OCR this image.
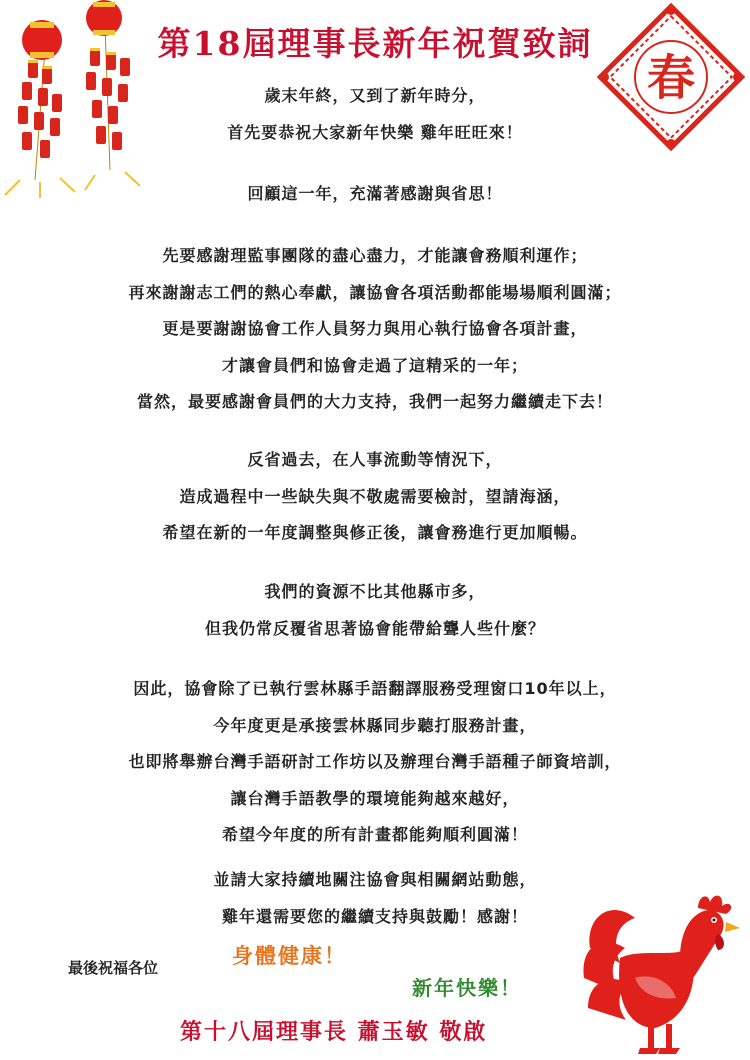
第18屆理事長新年祝賀致詞
春
歲末年終，又到了新年時分，
首先要恭祝大家新年快樂 雞年旺旺來！
回顧這一年，充滿著感謝與省思！
先要感謝理監事團隊的盡心盡力，才能讓會務順利運作；
再來謝謝志工們的熱心奉獻，讓協會各項活動都能場場順利圓滿；
更是要謝謝協會工作人員努力與用心執行協會各項計畫，
才讓會員們和協會走過了這精采的一年；
當然，最要感謝會員們的大力支持，我們一起努力繼續走下去！
反省過去，在人事流動等情況下，
造成過程中一些缺失與不敬處需要檢討，望請海涵，
希望在新的一年度調整與修正後，讓會務進行更加順暢。
我們的資源不比其他縣市多，
但我仍常反覆省思著協會能帶給聾人些什麼？
因此，協會除了已執行雲林縣手語翻譯服務受理窗口10年以上，
今年度更是承接雲林縣同步聽打服務計畫，
也即將舉辦台灣手語研討工作坊以及辦理台灣手語種子師資培訓，
讓台灣手語教學的環境能夠越來越好，
希望今年度的所有計畫都能夠順利圓滿！
並請大家持續地關注協會與相關網站動態，
雞年還需要您的繼續支持與鼓勵！感謝！
最後祝福各位	身體健康！
新年快樂！
第十八屆理事長 蕭玉敏 敬啟
